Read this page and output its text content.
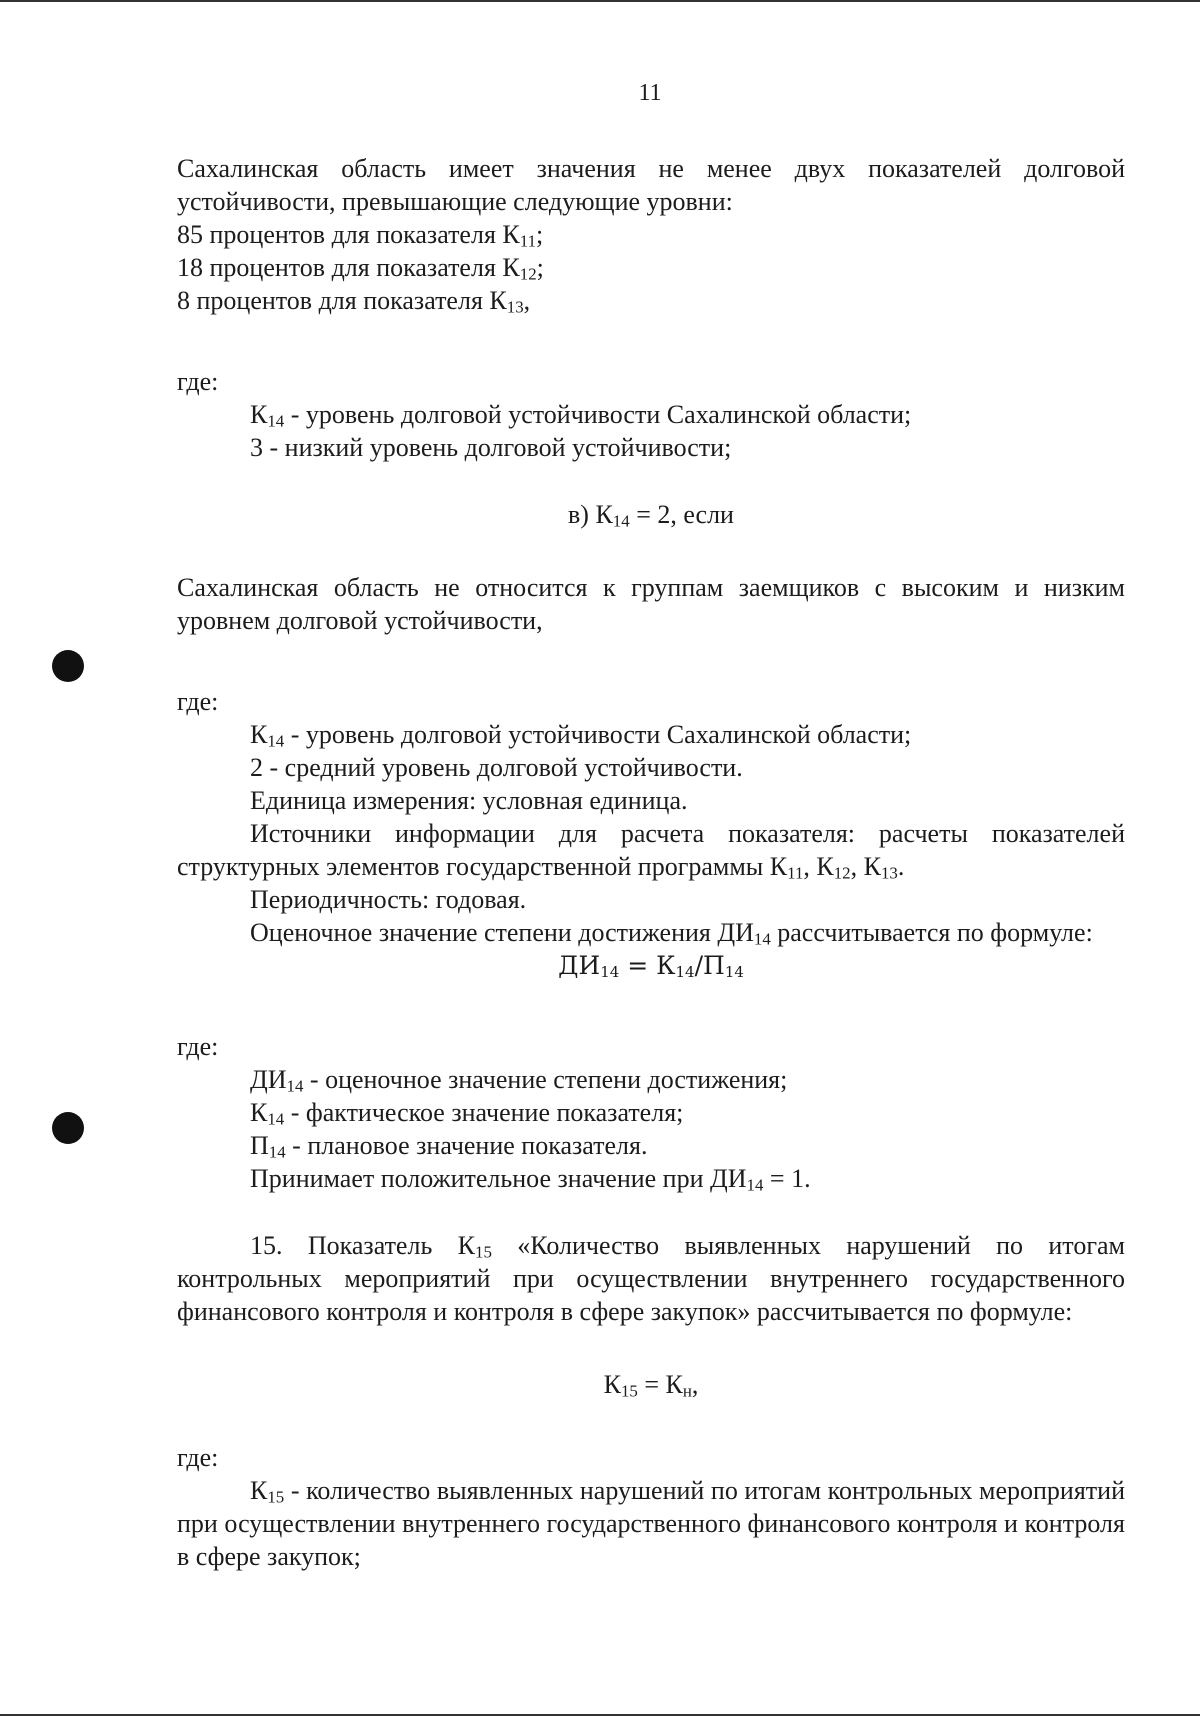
11

Сахалинская область имеет значения не менее двух показателей долговой устойчивости, превышающие следующие уровни:

85 процентов для показателя $К_{11}$;

18 процентов для показателя $К_{12}$;

8 процентов для показателя $К_{13}$,

где:

$К_{14}$ - уровень долговой устойчивости Сахалинской области;

3 - низкий уровень долговой устойчивости;

в) $К_{14} = 2$, если

Сахалинская область не относится к группам заемщиков с высоким и низким уровнем долговой устойчивости,

где:

$К_{14}$ - уровень долговой устойчивости Сахалинской области;

2 - средний уровень долговой устойчивости.

Единица измерения: условная единица.

Источники информации для расчета показателя: расчеты показателей структурных элементов государственной программы $К_{11}$, $К_{12}$, $К_{13}$.

Периодичность: годовая.

Оценочное значение степени достижения $ДИ_{14}$ рассчитывается по формуле:

$ДИ_{14} = К_{14}/П_{14}$

где:

$ДИ_{14}$ - оценочное значение степени достижения;

$К_{14}$ - фактическое значение показателя;

$П_{14}$ - плановое значение показателя.

Принимает положительное значение при $ДИ_{14} = 1$.

15. Показатель $К_{15}$ «Количество выявленных нарушений по итогам контрольных мероприятий при осуществлении внутреннего государственного финансового контроля и контроля в сфере закупок» рассчитывается по формуле:

$К_{15} = К_н$,

где:

$К_{15}$ - количество выявленных нарушений по итогам контрольных мероприятий при осуществлении внутреннего государственного финансового контроля и контроля в сфере закупок;
